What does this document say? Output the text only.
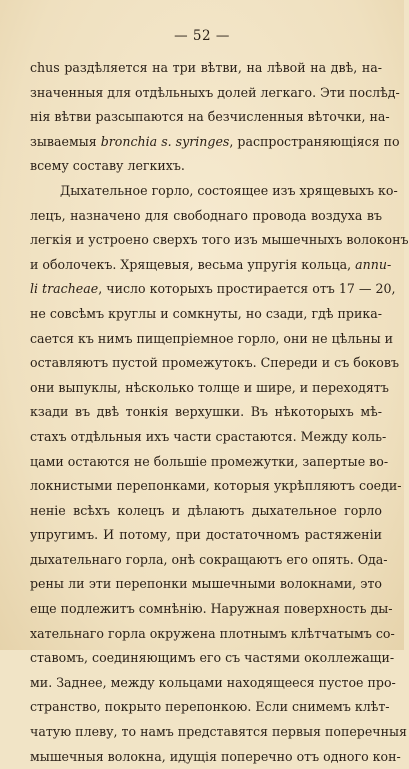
— 52 —
chus раздѣляется на три вѣтви, на лѣвой на двѣ, на-
значенныя для отдѣльныхъ долей легкаго. Эти послѣд-
нія вѣтви разсыпаются на безчисленныя вѣточки, на-
зываемыя bronchia s. syringes, распространяющіяся по
всему составу легкихъ.
Дыхательное горло, состоящее изъ хрящевыхъ ко-
лецъ, назначено для свободнаго провода воздуха въ
легкія и устроено сверхъ того изъ мышечныхъ волоконъ
и оболочекъ. Хрящевыя, весьма упругія кольца, annu-
li tracheae, число которыхъ простирается отъ 17 — 20,
не совсѣмъ круглы и сомкнуты, но сзади, гдѣ прика-
сается къ нимъ пищепріемное горло, они не цѣльны и
оставляютъ пустой промежутокъ. Спереди и съ боковъ
они выпуклы, нѣсколько толще и шире, и переходятъ
кзади въ двѣ тонкія верхушки. Въ нѣкоторыхъ мѣ-
стахъ отдѣльныя ихъ части срастаются. Между коль-
цами остаются не большіе промежутки, запертые во-
локнистыми перепонками, которыя укрѣпляютъ соеди-
неніе всѣхъ колецъ и дѣлаютъ дыхательное горло
упругимъ. И потому, при достаточномъ растяженіи
дыхательнаго горла, онѣ сокращаютъ его опять. Ода-
рены ли эти перепонки мышечными волокнами, это
еще подлежитъ сомнѣнію. Наружная поверхность ды-
хательнаго горла окружена плотнымъ клѣтчатымъ со-
ставомъ, соединяющимъ его съ частями околлежащи-
ми. Заднее, между кольцами находящееся пустое про-
странство, покрыто перепонкою. Если снимемъ клѣт-
чатую плеву, то намъ представятся первыя поперечныя
мышечныя волокна, идущія поперечно отъ одного кон-
